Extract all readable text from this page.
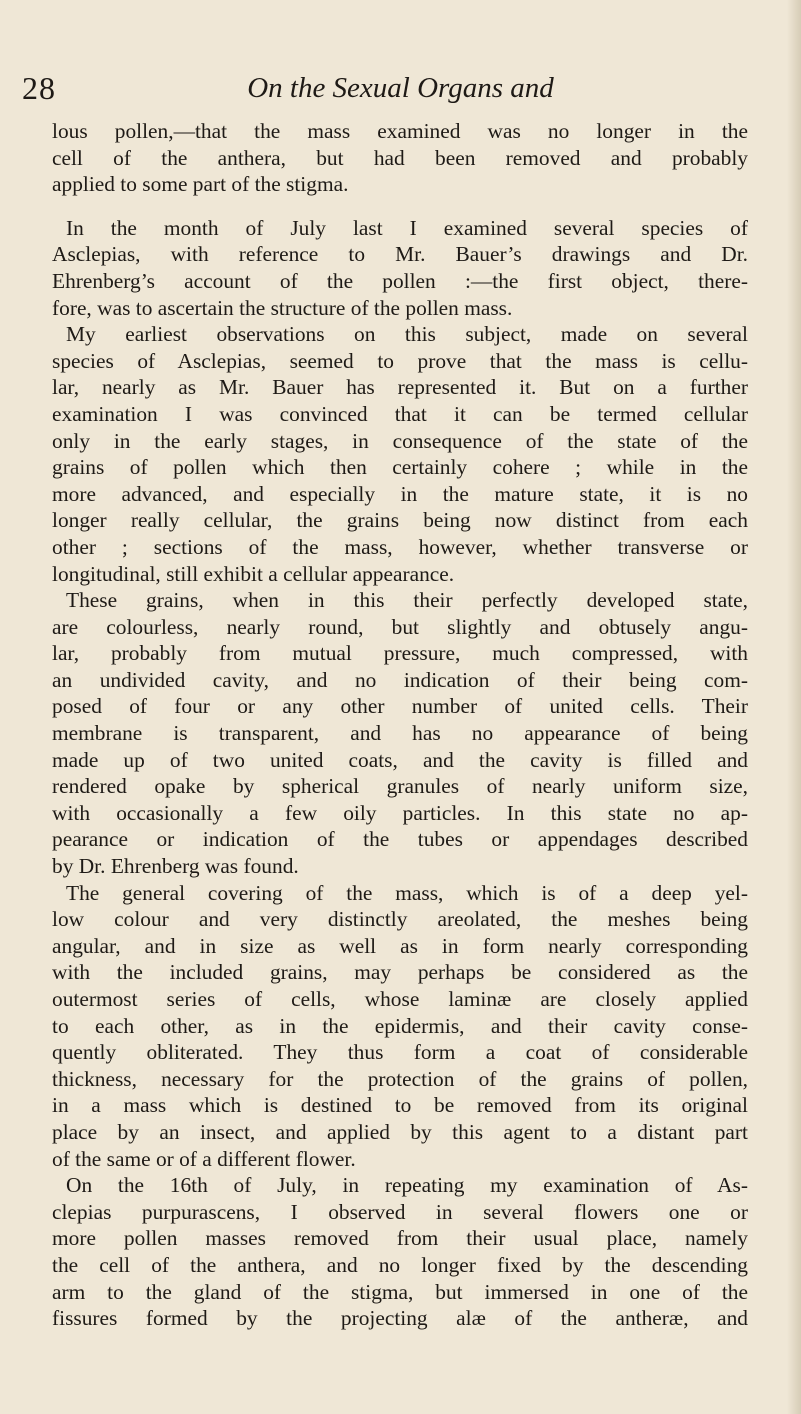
28	On the Sexual Organs and
lous pollen,—that the mass examined was no longer in the
cell of the anthera, but had been removed and probably
applied to some part of the stigma.
In the month of July last I examined several species of
Asclepias, with reference to Mr. Bauer’s drawings and Dr.
Ehrenberg’s account of the pollen :—the first object, there-
fore, was to ascertain the structure of the pollen mass.
My earliest observations on this subject, made on several
species of Asclepias, seemed to prove that the mass is cellu-
lar, nearly as Mr. Bauer has represented it. But on a further
examination I was convinced that it can be termed cellular
only in the early stages, in consequence of the state of the
grains of pollen which then certainly cohere ; while in the
more advanced, and especially in the mature state, it is no
longer really cellular, the grains being now distinct from each
other ; sections of the mass, however, whether transverse or
longitudinal, still exhibit a cellular appearance.
These grains, when in this their perfectly developed state,
are colourless, nearly round, but slightly and obtusely angu-
lar, probably from mutual pressure, much compressed, with
an undivided cavity, and no indication of their being com-
posed of four or any other number of united cells. Their
membrane is transparent, and has no appearance of being
made up of two united coats, and the cavity is filled and
rendered opake by spherical granules of nearly uniform size,
with occasionally a few oily particles. In this state no ap-
pearance or indication of the tubes or appendages described
by Dr. Ehrenberg was found.
The general covering of the mass, which is of a deep yel-
low colour and very distinctly areolated, the meshes being
angular, and in size as well as in form nearly corresponding
with the included grains, may perhaps be considered as the
outermost series of cells, whose laminæ are closely applied
to each other, as in the epidermis, and their cavity conse-
quently obliterated. They thus form a coat of considerable
thickness, necessary for the protection of the grains of pollen,
in a mass which is destined to be removed from its original
place by an insect, and applied by this agent to a distant part
of the same or of a different flower.
On the 16th of July, in repeating my examination of As-
clepias purpurascens, I observed in several flowers one or
more pollen masses removed from their usual place, namely
the cell of the anthera, and no longer fixed by the descending
arm to the gland of the stigma, but immersed in one of the
fissures formed by the projecting alæ of the antheræ, and
